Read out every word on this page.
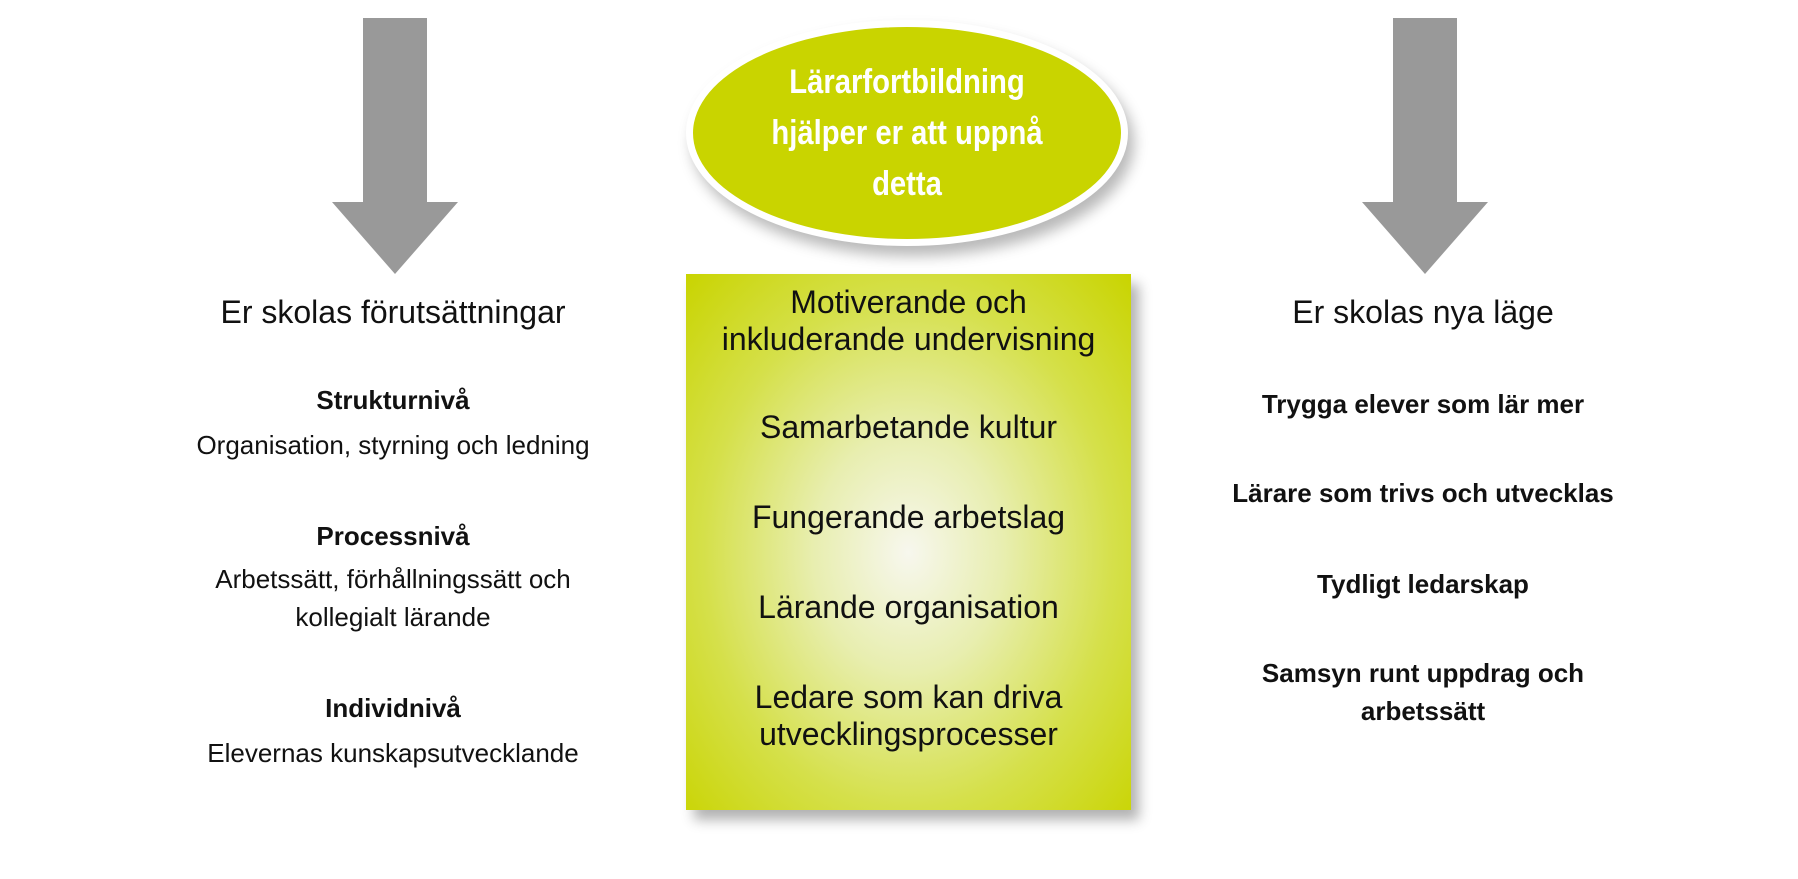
Lärarfortbildning hjälper er att uppnå detta
Er skolas förutsättningar
Strukturnivå
Organisation, styrning och ledning
Processnivå
Arbetssätt, förhållningssätt och kollegialt lärande
Individnivå
Elevernas kunskapsutvecklande
Motiverande och inkluderande undervisning
Samarbetande kultur
Fungerande arbetslag
Lärande organisation
Ledare som kan driva utvecklingsprocesser
Er skolas nya läge
Trygga elever som lär mer
Lärare som trivs och utvecklas
Tydligt ledarskap
Samsyn runt uppdrag och arbetssätt
